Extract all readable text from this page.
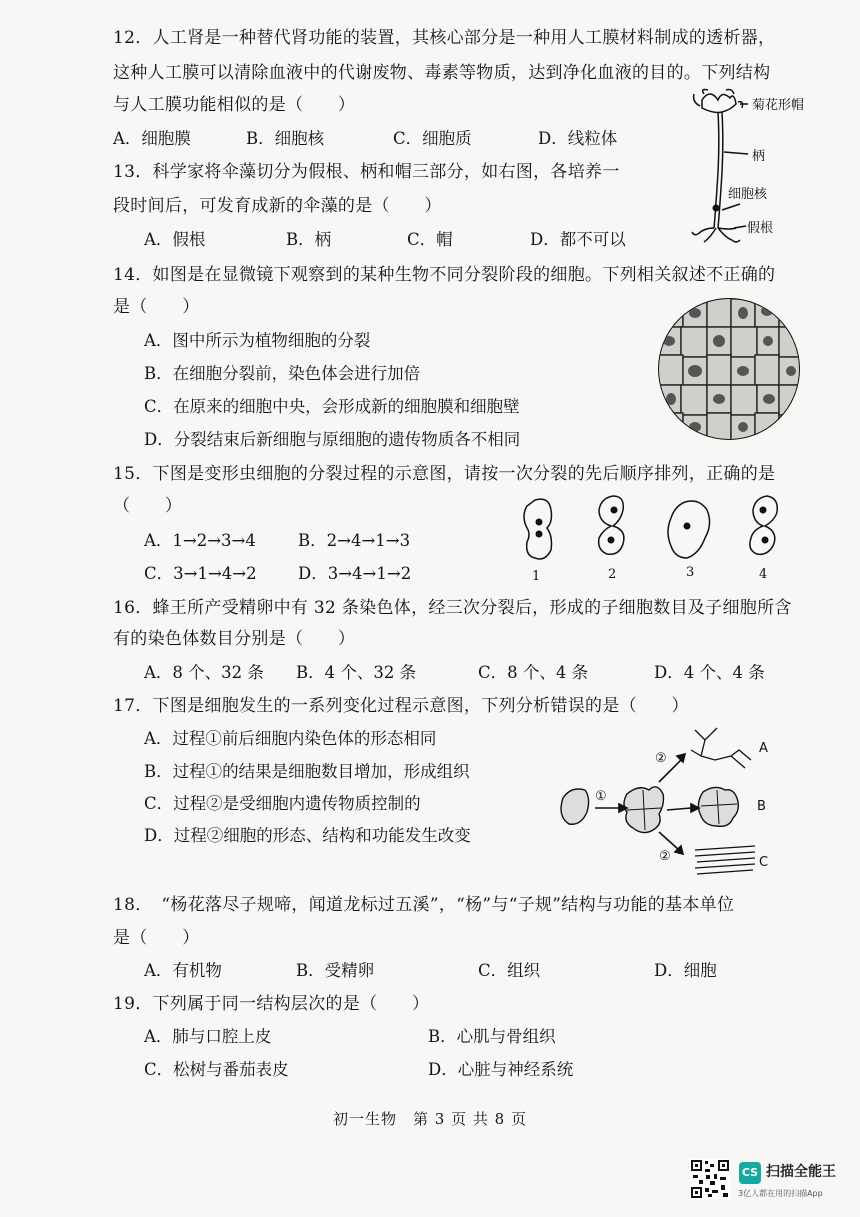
12．人工肾是一种替代肾功能的装置，其核心部分是一种用人工膜材料制成的透析器，
这种人工膜可以清除血液中的代谢废物、毒素等物质，达到净化血液的目的。下列结构
与人工膜功能相似的是（　　）
A．细胞膜	B．细胞核	C．细胞质	D．线粒体
菊花形帽
柄
细胞核
假根
13．科学家将伞藻切分为假根、柄和帽三部分，如右图，各培养一
段时间后，可发育成新的伞藻的是（　　）
A．假根	B．柄	C．帽	D．都不可以
14．如图是在显微镜下观察到的某种生物不同分裂阶段的细胞。下列相关叙述不正确的
是（　　）
A．图中所示为植物细胞的分裂
B．在细胞分裂前，染色体会进行加倍
C．在原来的细胞中央，会形成新的细胞膜和细胞壁
D．分裂结束后新细胞与原细胞的遗传物质各不相同
15．下图是变形虫细胞的分裂过程的示意图，请按一次分裂的先后顺序排列，正确的是
（　　）
A．1→2→3→4	B．2→4→1→3
C．3→1→4→2	D．3→4→1→2	1	2	3	4
16．蜂王所产受精卵中有 32 条染色体，经三次分裂后，形成的子细胞数目及子细胞所含
有的染色体数目分别是（　　）
A．8 个、32 条 B．4 个、32 条	C．8 个、4 条	D．4 个、4 条
17．下图是细胞发生的一系列变化过程示意图，下列分析错误的是（　　）
A．过程①前后细胞内染色体的形态相同
B．过程①的结果是细胞数目增加，形成组织
C．过程②是受细胞内遗传物质控制的
D．过程②细胞的形态、结构和功能发生改变
①
②
②
A
B
C
18．　“杨花落尽子规啼，闻道龙标过五溪”，“杨”与“子规”结构与功能的基本单位
是（　　）
A．有机物	B．受精卵	C．组织	D．细胞
19．下列属于同一结构层次的是（　　）
A．肺与口腔上皮	B．心肌与骨组织
C．松树与番茄表皮	D．心脏与神经系统
初一生物　第 3 页 共 8 页
CS 扫描全能王
3亿人都在用的扫描App
